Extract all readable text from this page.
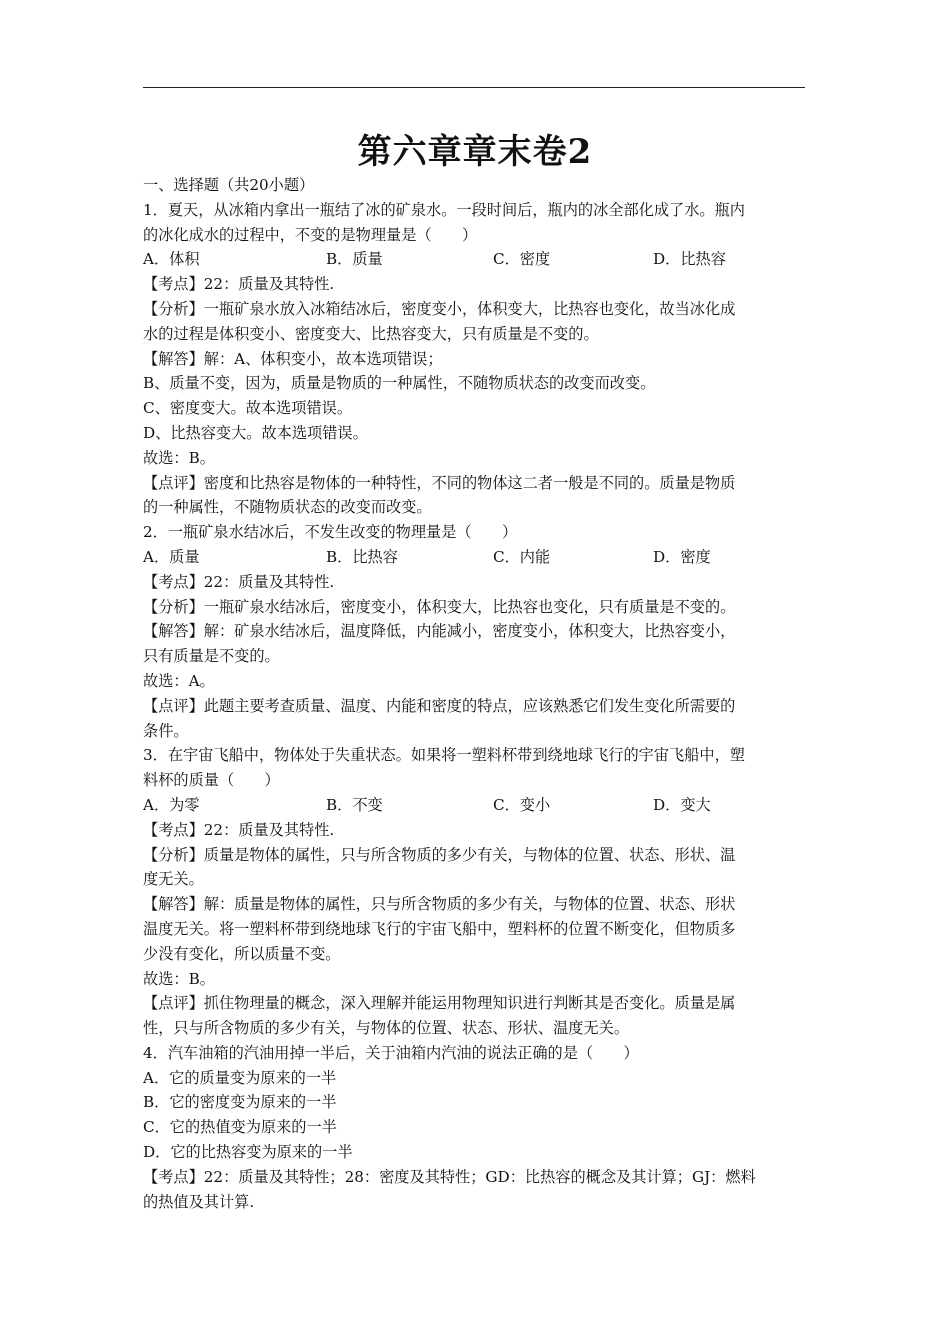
第六章章末卷2
一、选择题（共20小题）
1．夏天，从冰箱内拿出一瓶结了冰的矿泉水。一段时间后，瓶内的冰全部化成了水。瓶内
的冰化成水的过程中，不变的是物理量是（　　）
A．体积	B．质量	C．密度	D．比热容
【考点】22：质量及其特性.
【分析】一瓶矿泉水放入冰箱结冰后，密度变小，体积变大，比热容也变化，故当冰化成
水的过程是体积变小、密度变大、比热容变大，只有质量是不变的。
【解答】解：A、体积变小，故本选项错误；
B、质量不变，因为，质量是物质的一种属性，不随物质状态的改变而改变。
C、密度变大。故本选项错误。
D、比热容变大。故本选项错误。
故选：B。
【点评】密度和比热容是物体的一种特性，不同的物体这二者一般是不同的。质量是物质
的一种属性，不随物质状态的改变而改变。
2．一瓶矿泉水结冰后，不发生改变的物理量是（　　）
A．质量	B．比热容	C．内能	D．密度
【考点】22：质量及其特性.
【分析】一瓶矿泉水结冰后，密度变小，体积变大，比热容也变化，只有质量是不变的。
【解答】解：矿泉水结冰后，温度降低，内能减小，密度变小，体积变大，比热容变小，
只有质量是不变的。
故选：A。
【点评】此题主要考查质量、温度、内能和密度的特点，应该熟悉它们发生变化所需要的
条件。
3．在宇宙飞船中，物体处于失重状态。如果将一塑料杯带到绕地球飞行的宇宙飞船中，塑
料杯的质量（　　）
A．为零	B．不变	C．变小	D．变大
【考点】22：质量及其特性.
【分析】质量是物体的属性，只与所含物质的多少有关，与物体的位置、状态、形状、温
度无关。
【解答】解：质量是物体的属性，只与所含物质的多少有关，与物体的位置、状态、形状
温度无关。将一塑料杯带到绕地球飞行的宇宙飞船中，塑料杯的位置不断变化，但物质多
少没有变化，所以质量不变。
故选：B。
【点评】抓住物理量的概念，深入理解并能运用物理知识进行判断其是否变化。质量是属
性，只与所含物质的多少有关，与物体的位置、状态、形状、温度无关。
4．汽车油箱的汽油用掉一半后，关于油箱内汽油的说法正确的是（　　）
A．它的质量变为原来的一半
B．它的密度变为原来的一半
C．它的热值变为原来的一半
D．它的比热容变为原来的一半
【考点】22：质量及其特性；28：密度及其特性；GD：比热容的概念及其计算；GJ：燃料
的热值及其计算.
